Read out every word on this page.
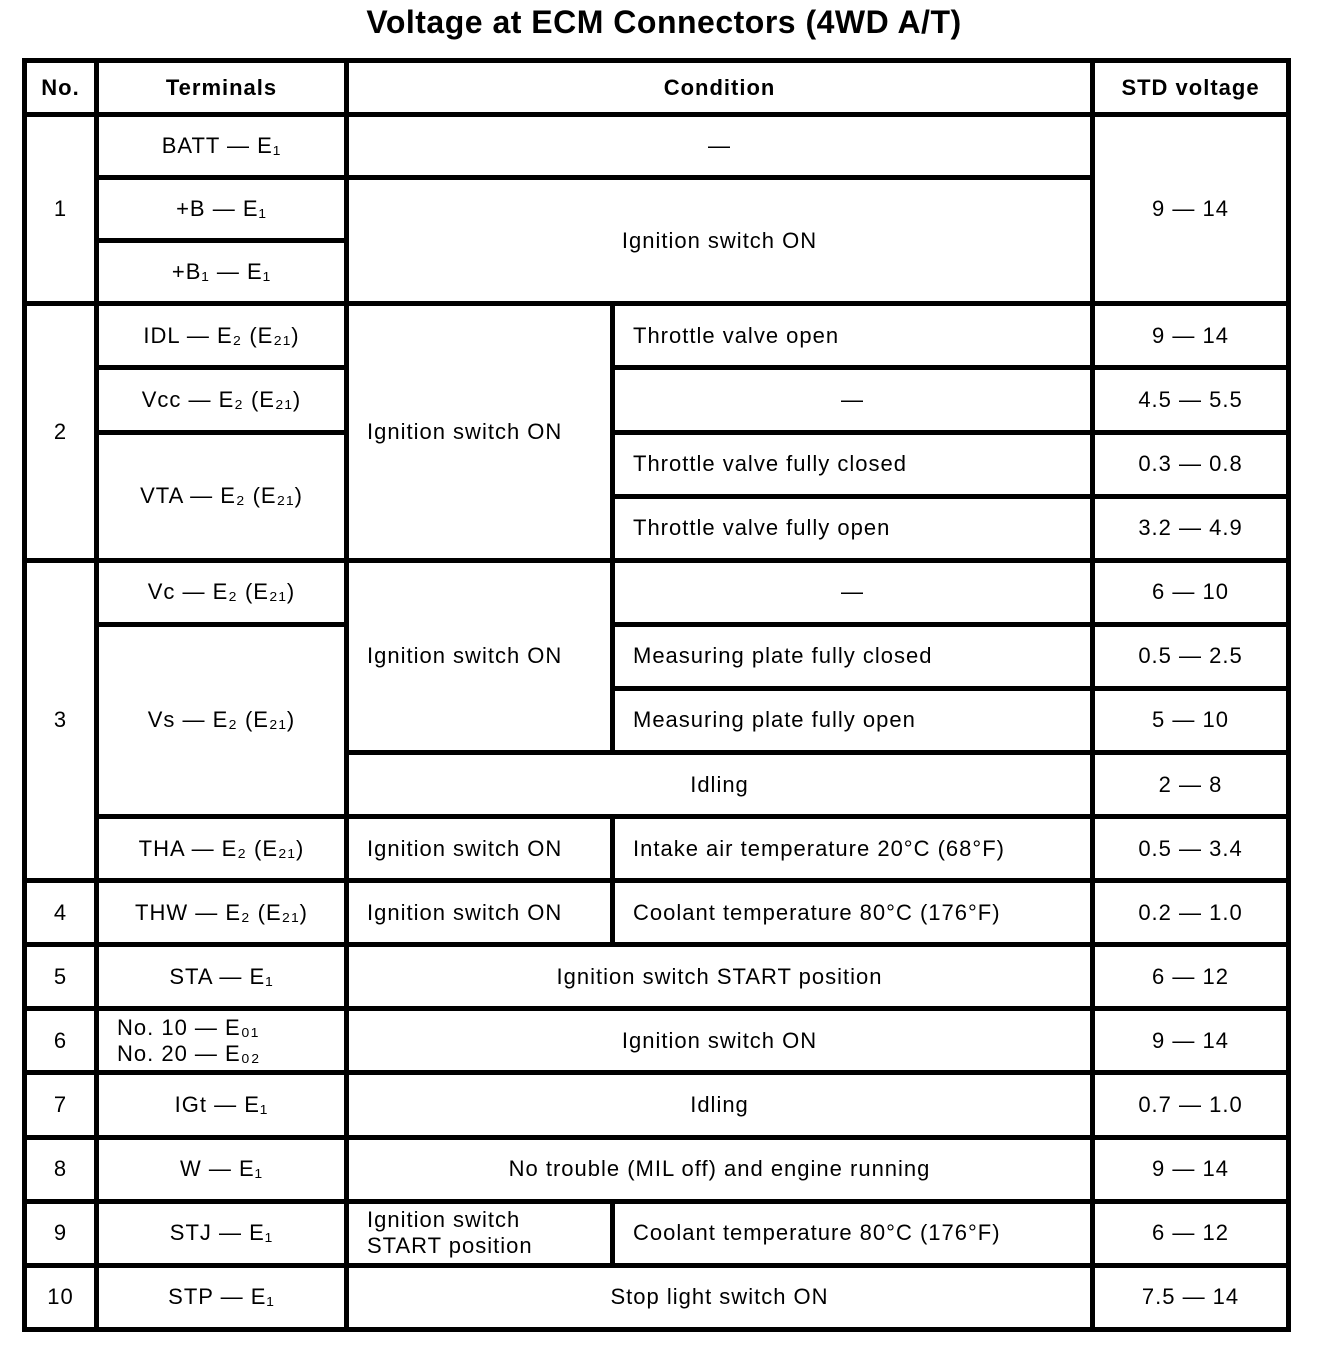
Voltage at ECM Connectors (4WD A/T)
No.	Terminals	Condition		STD voltage
1	BATT — E₁	—		9 — 14
	+B — E₁	Ignition switch ON		
	+B₁ — E₁			
2	IDL — E₂ (E₂₁)	Ignition switch ON	Throttle valve open	9 — 14
	Vcc — E₂ (E₂₁)		—	4.5 — 5.5
	VTA — E₂ (E₂₁)		Throttle valve fully closed	0.3 — 0.8
			Throttle valve fully open	3.2 — 4.9
3	Vc — E₂ (E₂₁)	Ignition switch ON	—	6 — 10
	Vs — E₂ (E₂₁)		Measuring plate fully closed	0.5 — 2.5
			Measuring plate fully open	5 — 10
		Idling		2 — 8
	THA — E₂ (E₂₁)	Ignition switch ON	Intake air temperature 20°C (68°F)	0.5 — 3.4
4	THW — E₂ (E₂₁)	Ignition switch ON	Coolant temperature 80°C (176°F)	0.2 — 1.0
5	STA — E₁	Ignition switch START position		6 — 12
6	No. 10 — E₀₁
No. 20 — E₀₂	Ignition switch ON		9 — 14
7	IGt — E₁	Idling		0.7 — 1.0
8	W — E₁	No trouble (MIL off) and engine running		9 — 14
9	STJ — E₁	Ignition switch
START position	Coolant temperature 80°C (176°F)	6 — 12
10	STP — E₁	Stop light switch ON		7.5 — 14
